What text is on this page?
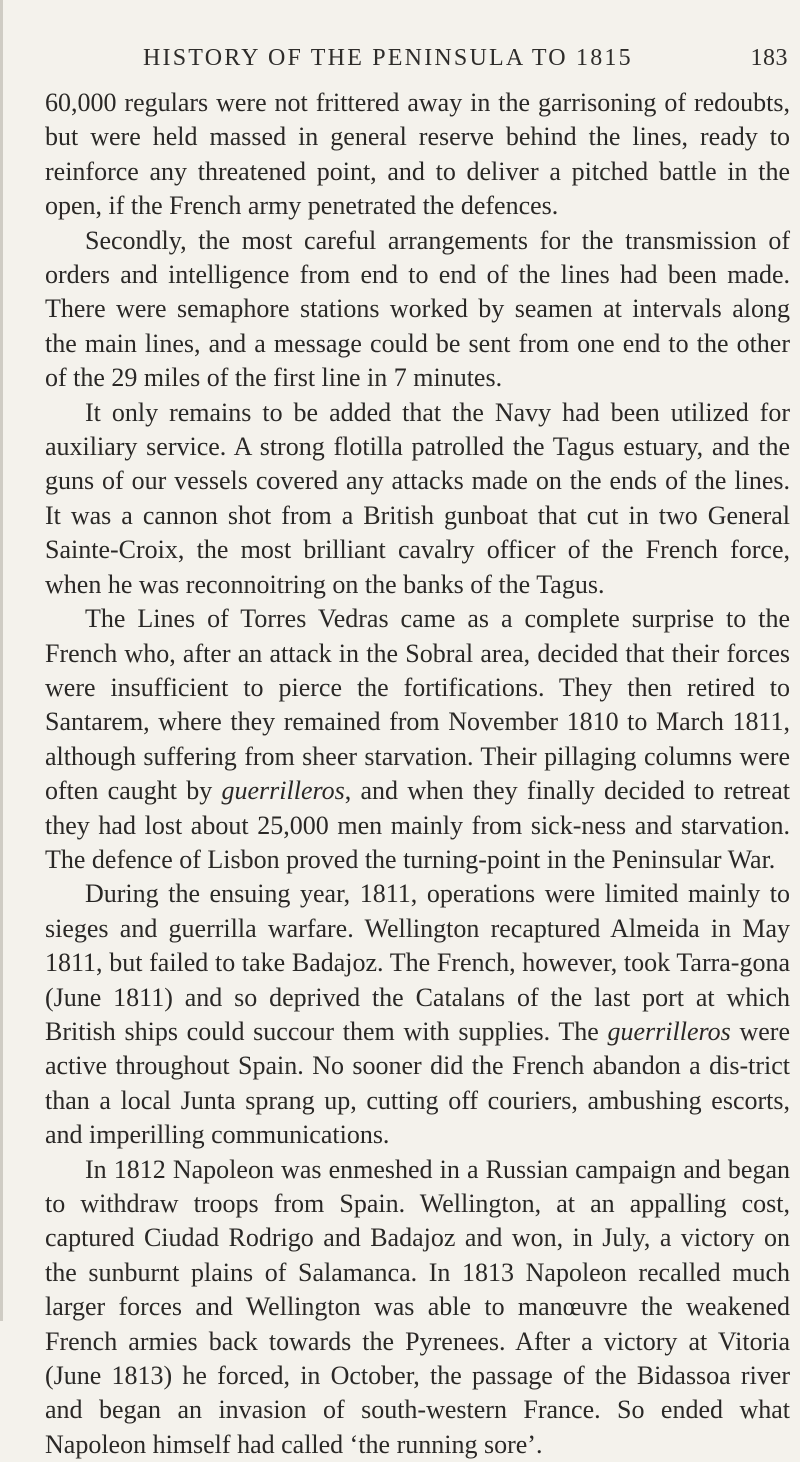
HISTORY OF THE PENINSULA TO 1815	183

60,000 regulars were not frittered away in the garrisoning of redoubts, but were held massed in general reserve behind the lines, ready to reinforce any threatened point, and to deliver a pitched battle in the open, if the French army penetrated the defences.

Secondly, the most careful arrangements for the transmission of orders and intelligence from end to end of the lines had been made. There were semaphore stations worked by seamen at intervals along the main lines, and a message could be sent from one end to the other of the 29 miles of the first line in 7 minutes.

It only remains to be added that the Navy had been utilized for auxiliary service. A strong flotilla patrolled the Tagus estuary, and the guns of our vessels covered any attacks made on the ends of the lines. It was a cannon shot from a British gunboat that cut in two General Sainte-Croix, the most brilliant cavalry officer of the French force, when he was reconnoitring on the banks of the Tagus.

The Lines of Torres Vedras came as a complete surprise to the French who, after an attack in the Sobral area, decided that their forces were insufficient to pierce the fortifications. They then retired to Santarem, where they remained from November 1810 to March 1811, although suffering from sheer starvation. Their pillaging columns were often caught by guerrilleros, and when they finally decided to retreat they had lost about 25,000 men mainly from sick-ness and starvation. The defence of Lisbon proved the turning-point in the Peninsular War.

During the ensuing year, 1811, operations were limited mainly to sieges and guerrilla warfare. Wellington recaptured Almeida in May 1811, but failed to take Badajoz. The French, however, took Tarra-gona (June 1811) and so deprived the Catalans of the last port at which British ships could succour them with supplies. The guerrilleros were active throughout Spain. No sooner did the French abandon a dis-trict than a local Junta sprang up, cutting off couriers, ambushing escorts, and imperilling communications.

In 1812 Napoleon was enmeshed in a Russian campaign and began to withdraw troops from Spain. Wellington, at an appalling cost, captured Ciudad Rodrigo and Badajoz and won, in July, a victory on the sunburnt plains of Salamanca. In 1813 Napoleon recalled much larger forces and Wellington was able to manœuvre the weakened French armies back towards the Pyrenees. After a victory at Vitoria (June 1813) he forced, in October, the passage of the Bidassoa river and began an invasion of south-western France. So ended what Napoleon himself had called ‘the running sore’.
